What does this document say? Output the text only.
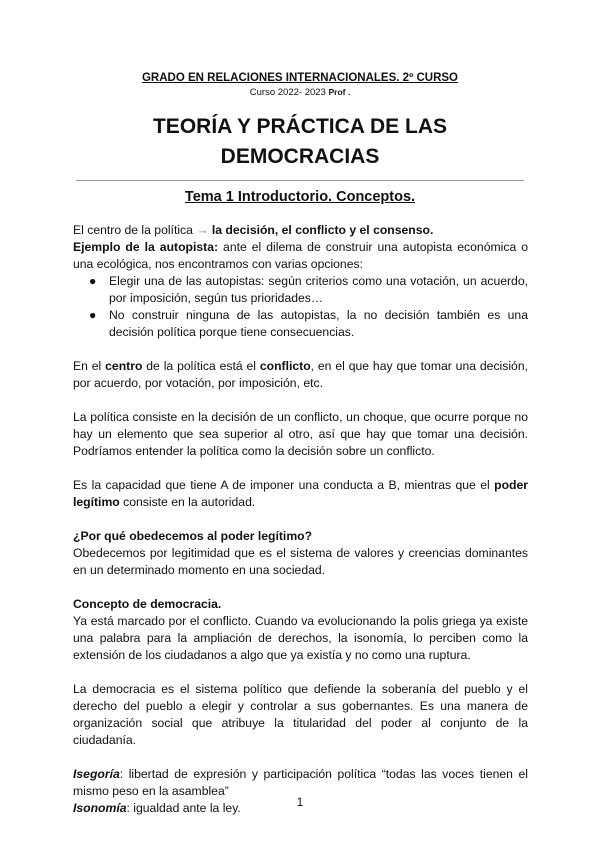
GRADO EN RELACIONES INTERNACIONALES. 2º CURSO
Curso 2022- 2023 Prof .
TEORÍA Y PRÁCTICA DE LAS
DEMOCRACIAS
Tema 1 Introductorio. Conceptos.

El centro de la política → la decisión, el conflicto y el consenso.

Ejemplo de la autopista: ante el dilema de construir una autopista económica o una ecológica, nos encontramos con varias opciones:

● Elegir una de las autopistas: según criterios como una votación, un acuerdo, por imposición, según tus prioridades…
● No construir ninguna de las autopistas, la no decisión también es una decisión política porque tiene consecuencias.

En el centro de la política está el conflicto, en el que hay que tomar una decisión, por acuerdo, por votación, por imposición, etc.

La política consiste en la decisión de un conflicto, un choque, que ocurre porque no hay un elemento que sea superior al otro, así que hay que tomar una decisión. Podríamos entender la política como la decisión sobre un conflicto.

Es la capacidad que tiene A de imponer una conducta a B, mientras que el poder legítimo consiste en la autoridad.

¿Por qué obedecemos al poder legítimo?

Obedecemos por legitimidad que es el sistema de valores y creencias dominantes en un determinado momento en una sociedad.

Concepto de democracia.

Ya está marcado por el conflicto. Cuando va evolucionando la polis griega ya existe una palabra para la ampliación de derechos, la isonomía, lo perciben como la extensión de los ciudadanos a algo que ya existía y no como una ruptura.

La democracia es el sistema político que defiende la soberanía del pueblo y el derecho del pueblo a elegir y controlar a sus gobernantes. Es una manera de organización social que atribuye la titularidad del poder al conjunto de la ciudadanía.

Isegoría: libertad de expresión y participación política “todas las voces tienen el mismo peso en la asamblea”

Isonomía: igualdad ante la ley.	1
